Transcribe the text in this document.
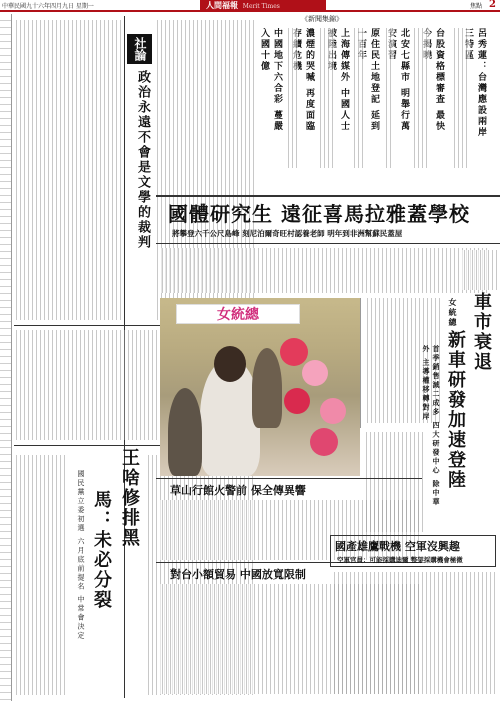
中華民國九十六年四月九日 星期一	人間福報 Merit Times	焦點 2
社論
政治永遠不會是文學的裁判
王啥修排黑
馬：未必分裂
國民黨立委初選 六月底前提名 中常會決定
《新聞集錦》
呂秀蓮：台灣應設兩岸
台股資格標審查 最快
北安七縣市 明舉行萬
原住民土地登記 延到
上海傳媒外 中國人士
濃煙的哭喊 再度面臨
中國地下六合彩 蔓嚴入國十億
國體研究生 遠征喜馬拉雅蓋學校
將攀登六千公尺島峰 刻尼泊爾奇旺村認養老師 明年到非洲幫蘇民蓋屋
女統總	女統總 車市衰退
新車研發加速登陸
首季銷售減二成多 四大研發中心 除中華外 主導權移轉對岸
草山行館火警前 保全傳異響
對台小額貿易 中國放寬限制
國產雄鷹戰機 空軍沒興趣
空軍官員：可能採購迪爾 整架採購機會極微
